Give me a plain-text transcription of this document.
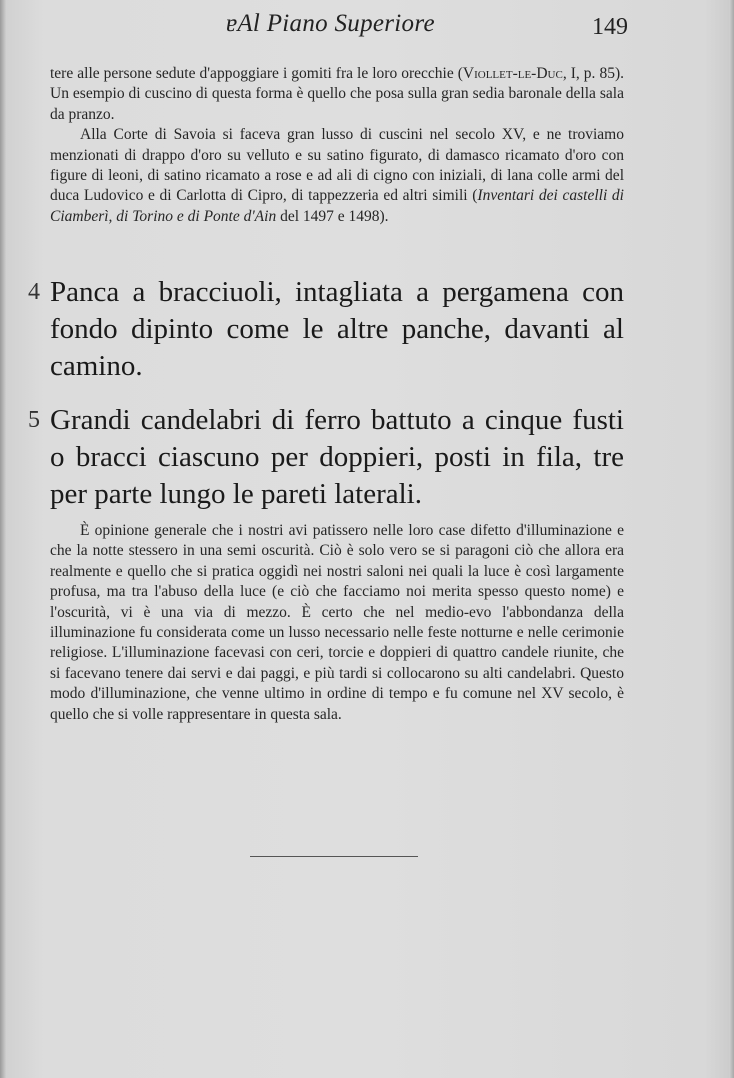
ɐAl Piano Superiore	149

tere alle persone sedute d'appoggiare i gomiti fra le loro orecchie (Viollet-le-Duc, I, p. 85). Un esempio di cuscino di questa forma è quello che posa sulla gran sedia baronale della sala da pranzo.

Alla Corte di Savoia si faceva gran lusso di cuscini nel secolo XV, e ne troviamo menzionati di drappo d'oro su velluto e su satino figurato, di damasco ricamato d'oro con figure di leoni, di satino ricamato a rose e ad ali di cigno con iniziali, di lana colle armi del duca Ludovico e di Carlotta di Cipro, di tappezzeria ed altri simili (Inventari dei castelli di Ciamberì, di Torino e di Ponte d'Ain del 1497 e 1498).

4 Panca a bracciuoli, intagliata a pergamena con fondo dipinto come le altre panche, davanti al camino.
5 Grandi candelabri di ferro battuto a cinque fusti o bracci ciascuno per doppieri, posti in fila, tre per parte lungo le pareti laterali.

È opinione generale che i nostri avi patissero nelle loro case difetto d'illuminazione e che la notte stessero in una semi oscurità. Ciò è solo vero se si paragoni ciò che allora era realmente e quello che si pratica oggidì nei nostri saloni nei quali la luce è così largamente profusa, ma tra l'abuso della luce (e ciò che facciamo noi merita spesso questo nome) e l'oscurità, vi è una via di mezzo. È certo che nel medio-evo l'abbondanza della illuminazione fu considerata come un lusso necessario nelle feste notturne e nelle cerimonie religiose. L'illuminazione facevasi con ceri, torcie e doppieri di quattro candele riunite, che si facevano tenere dai servi e dai paggi, e più tardi si collocarono su alti candelabri. Questo modo d'illuminazione, che venne ultimo in ordine di tempo e fu comune nel XV secolo, è quello che si volle rappresentare in questa sala.
